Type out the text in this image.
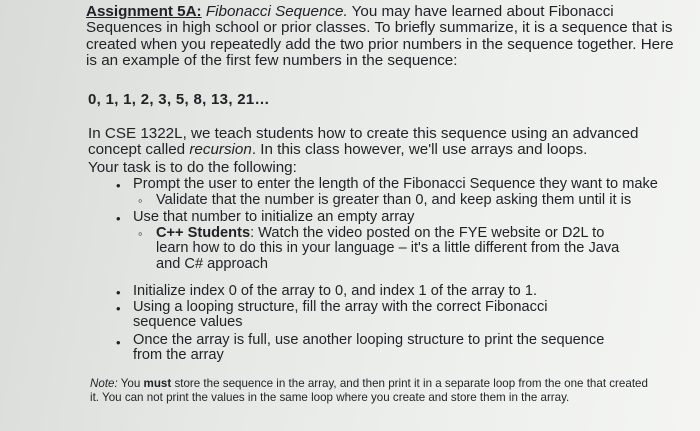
Assignment 5A: Fibonacci Sequence. You may have learned about Fibonacci Sequences in high school or prior classes. To briefly summarize, it is a sequence that is created when you repeatedly add the two prior numbers in the sequence together. Here is an example of the first few numbers in the sequence:
0, 1, 1, 2, 3, 5, 8, 13, 21…
In CSE 1322L, we teach students how to create this sequence using an advanced concept called recursion. In this class however, we'll use arrays and loops.
Your task is to do the following:
• Prompt the user to enter the length of the Fibonacci Sequence they want to make
◦ Validate that the number is greater than 0, and keep asking them until it is
• Use that number to initialize an empty array
◦ C++ Students: Watch the video posted on the FYE website or D2L to learn how to do this in your language – it's a little different from the Java and C# approach
• Initialize index 0 of the array to 0, and index 1 of the array to 1.
• Using a looping structure, fill the array with the correct Fibonacci sequence values
• Once the array is full, use another looping structure to print the sequence from the array
Note: You must store the sequence in the array, and then print it in a separate loop from the one that created it. You can not print the values in the same loop where you create and store them in the array.
